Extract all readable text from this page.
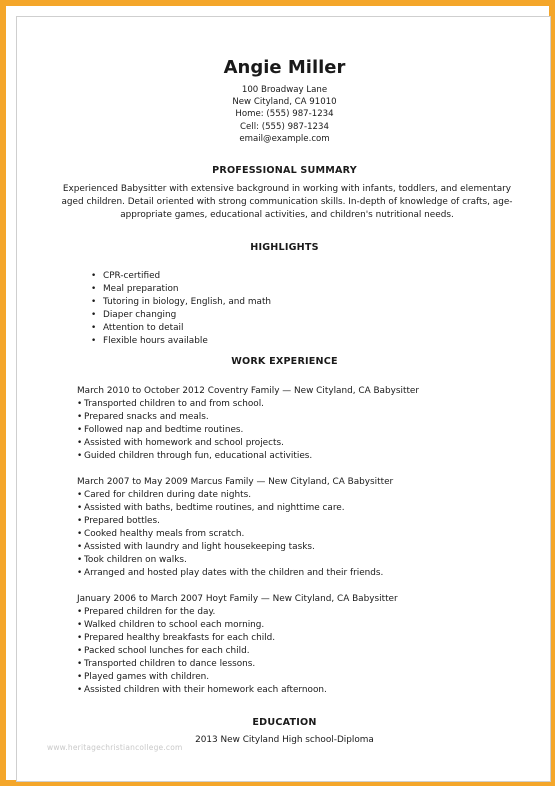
Angie Miller
100 Broadway Lane
New Cityland, CA 91010
Home: (555) 987-1234
Cell: (555) 987-1234
email@example.com
PROFESSIONAL SUMMARY
Experienced Babysitter with extensive background in working with infants, toddlers, and elementary aged children. Detail oriented with strong communication skills. In-depth of knowledge of crafts, age-appropriate games, educational activities, and children's nutritional needs.
HIGHLIGHTS
• CPR-certified
• Meal preparation
• Tutoring in biology, English, and math
• Diaper changing
• Attention to detail
• Flexible hours available
WORK EXPERIENCE
March 2010 to October 2012 Coventry Family — New Cityland, CA Babysitter
• Transported children to and from school.
• Prepared snacks and meals.
• Followed nap and bedtime routines.
• Assisted with homework and school projects.
• Guided children through fun, educational activities.
March 2007 to May 2009 Marcus Family — New Cityland, CA Babysitter
• Cared for children during date nights.
• Assisted with baths, bedtime routines, and nighttime care.
• Prepared bottles.
• Cooked healthy meals from scratch.
• Assisted with laundry and light housekeeping tasks.
• Took children on walks.
• Arranged and hosted play dates with the children and their friends.
January 2006 to March 2007 Hoyt Family — New Cityland, CA Babysitter
• Prepared children for the day.
• Walked children to school each morning.
• Prepared healthy breakfasts for each child.
• Packed school lunches for each child.
• Transported children to dance lessons.
• Played games with children.
• Assisted children with their homework each afternoon.
EDUCATION
2013 New Cityland High school-Diploma
www.heritagechristiancollege.com
